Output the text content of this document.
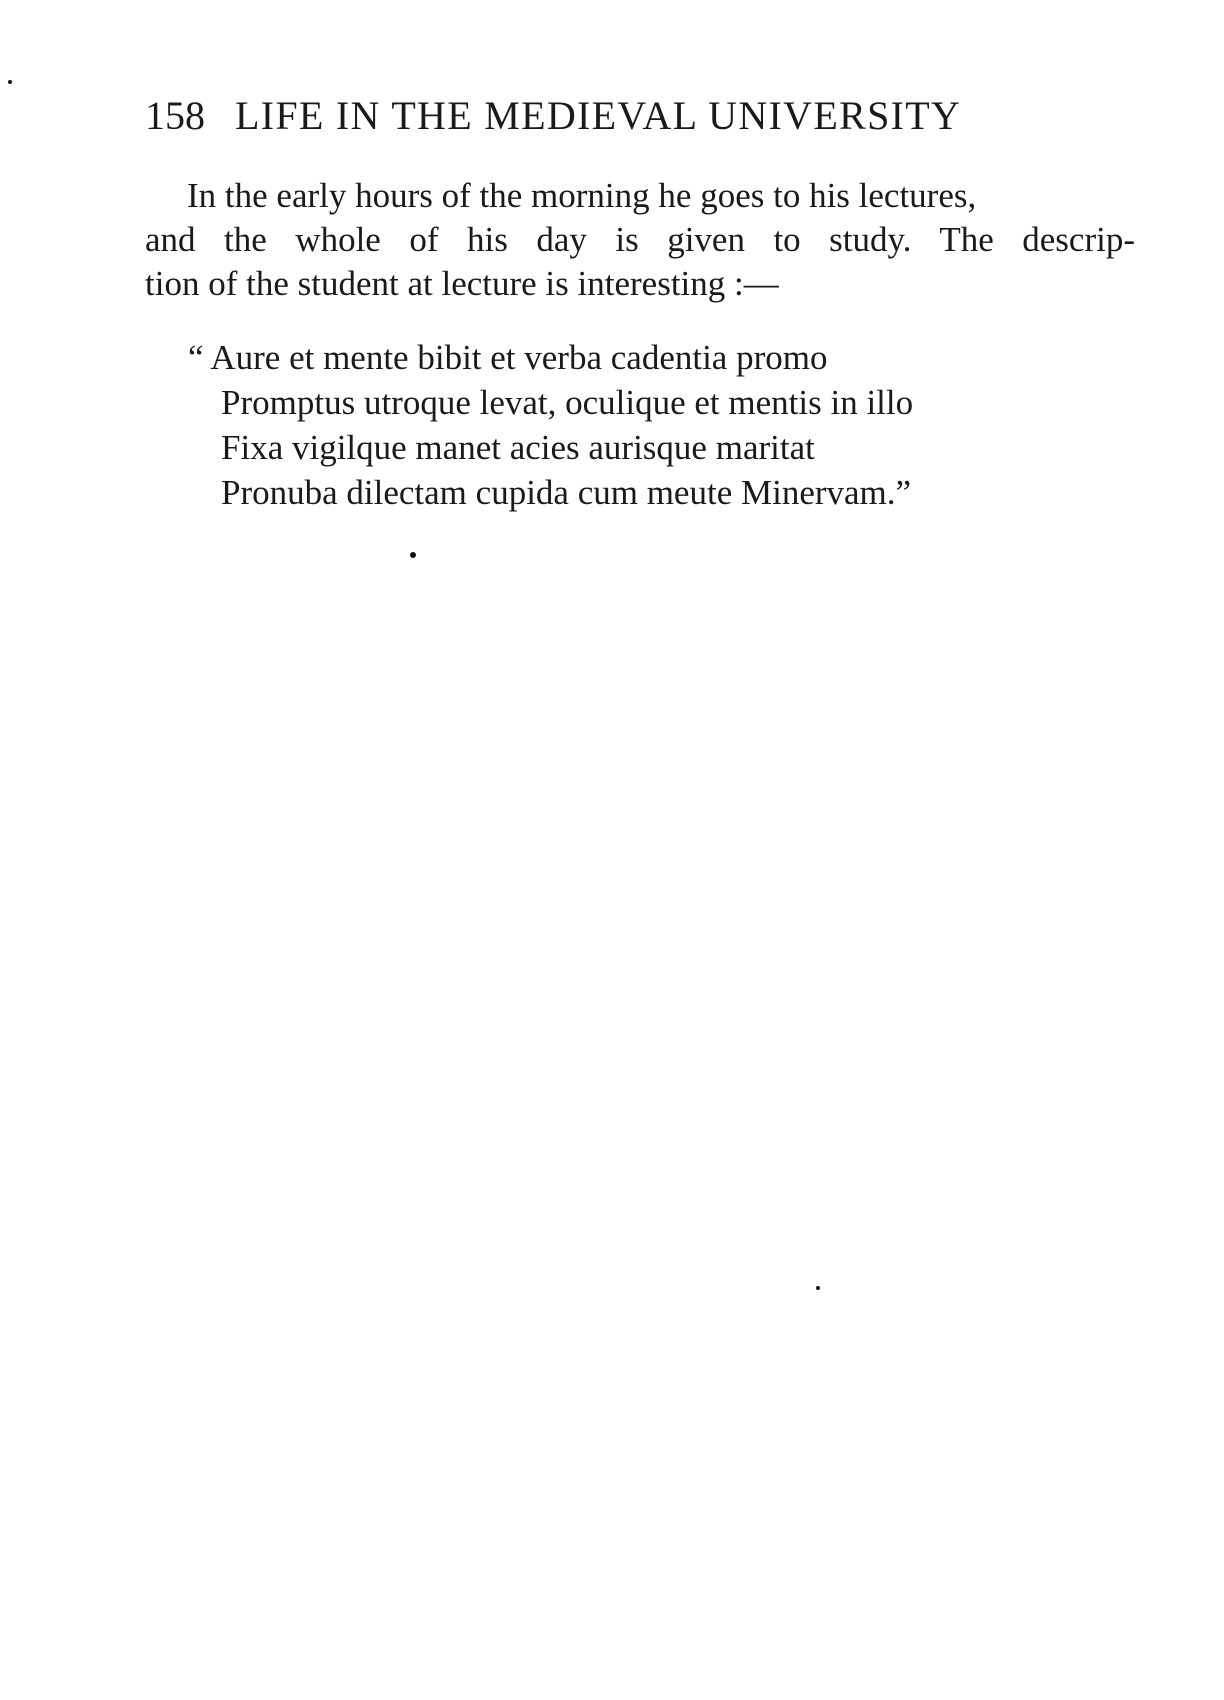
158 LIFE IN THE MEDIEVAL UNIVERSITY
In the early hours of the morning he goes to his lectures,
and the whole of his day is given to study. The descrip-
tion of the student at lecture is interesting :—
“ Aure et mente bibit et verba cadentia promo
Promptus utroque levat, oculique et mentis in illo
Fixa vigilque manet acies aurisque maritat
Pronuba dilectam cupida cum meute Minervam.”
